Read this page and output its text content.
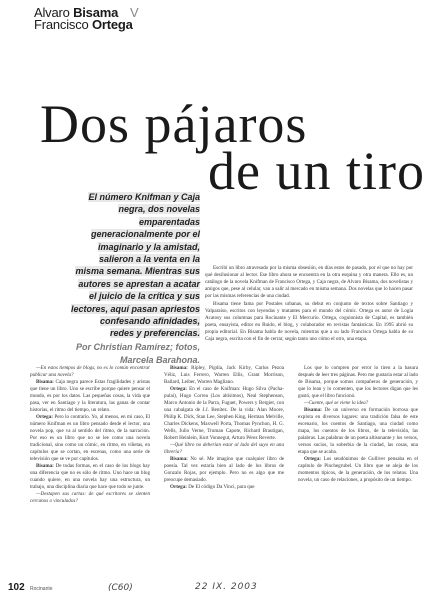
Alvaro Bisama V
Francisco Ortega
Dos pájaros
de un tiro
El número Knifman y Caja
negra, dos novelas
emparentadas
generacionalmente por el
imaginario y la amistad,
salieron a la venta en la
misma semana. Mientras sus
autores se aprestan a acatar
el juicio de la crítica y sus
lectores, aquí pasan apriestos
confesando afinidades,
redes y preferencias.
Por Christian Ramírez; fotos,
Marcela Barahona.

Escribí un libro atravesado por la misma obsesión, en días estos de pasado, por el que no hay por qué desilusionar al lector. Ese libro ahora se encuentra en la otra esquina y otra manera. Ello es, un catálogo de la novela Knifman de Francisco Ortega, y Caja negra, de Alvaro Bisama, dos novelistas y amigos que, pese al celular, van a salir al mercado en misma semana. Dos novelas que lo hacen pasar por las mismas referencias de una ciudad.

Bisama tiene fama por Postales urbanas, su debut en conjunto de textos sobre Santiago y Valparaíso, escritos con leyendas y mutantes para el mundo del cómic. Ortega es autor de Logia Acatosy sus columnas para Rocinante y El Mercurio. Ortega, coguionista de Capital, es también poeta, ensayista, editor en Ruido, el blog, y colaborador en revistas fantásticas. En 1995 abrió su propia editorial. En Bisama habla de novela, mientras que a su lado Francisco Ortega habla de su Caja negra, escrita con el fin de cerrar, según tanto uno cómo el otro, una etapa.

—En estos tiempos de blogs, no es lo común encontrar publicar una novela?

Bisama: Caja negra parece Estas fragilidades y aristas que tiene un libro. Uno se escribe porque quiere pensar el mundo, es por los datos. Las pequeñas cosas, la vida que pasa, ver en Santiago y la literatura, las ganas de contar historias, el ritmo del tiempo, un relato.

Ortega: Pero lo contrario. Yo, al menos, en mi caso, El número Knifman es un libro pensado desde el lector, una novela pop, que va al sentido del ritmo, de la narración. Por eso es un libro que no se lee como una novela tradicional, sino como un cómic, en ritmo, en viñetas, en capítulos que se cortan, en escenas, como una serie de televisión que se ve por capítulos.

Bisama: De todas formas, en el caso de los blogs hay una diferencia que no es sólo de ritmo. Uno hace un blog cuando quiere, en una novela hay una estructura, un trabajo, una disciplina diaria que hace que todo se junte.

—Destapen sus cartas: de qué escritores se sienten cercanos o vinculados?

Bisama: Ripley, Pigdia, Jack Kirby, Carlos Pezoa Véliz, Luis Ferrero, Warren Ellis, Grant Morrison, Ballard, Leiber, Warren Magliano.

Ortega: En el caso de Knifman: Hugo Silva (Pacha-pulai), Hugo Correa (Los altísimos), Neal Stephenson, Marco Antonio de la Parra, Fuguet, Powers y Bergier, con una cabalgata de J.J. Benítez. De la vida: Alan Moore, Philip K. Dick, Stan Lee, Stephen King, Herman Melville, Charles Dickens, Maxwell Porta, Thomas Pynchon, H. G. Wells, Julio Verne, Truman Capote, Richard Brautigan, Robert Heinlein, Kurt Vonnegut, Arturo Pérez Reverte.

—Qué libro no deberían estar al lado del suyo en una librería?

Bisama: No sé. Me imagino que cualquier libro de poesía. Tal vez estaría bien al lado de los libros de Gonzalo Rojas, por ejemplo. Pero no es algo que me preocupe demasiado.

Ortega: De El código Da Vinci, para que

Los que lo compren por error lo tiren a la basura después de leer tres páginas. Pero me gustaría estar al lado de Bisama, porque somos compañeros de generación, y que lo lean y lo comenten, que los lectores digan que les gustó, que el libro funcionó.

—Cuente, qué se viene la idea?

Bisama: De un universo en formación borrosa que explota en diversos lugares: una tradición falsa de este escenario, los cuentos de Santiago, una ciudad como mapa, los cuentos de los libros, de la televisión, las palabras. Las palabras de un poeta altisonante y los versos, versos sucios, la soberbia de la ciudad, las cosas, una etapa que se acaba.

Ortega: Los seudónimos de Gulliver pensaba en el capítulo de Pinchegrubel. Un libro que se aleja de los momentos típicos, de la generación, de los relatos. Una novela, un caso de relaciones, a propósito de un tiempo.

102 Rocinante	(C60)	22 IX. 2003
